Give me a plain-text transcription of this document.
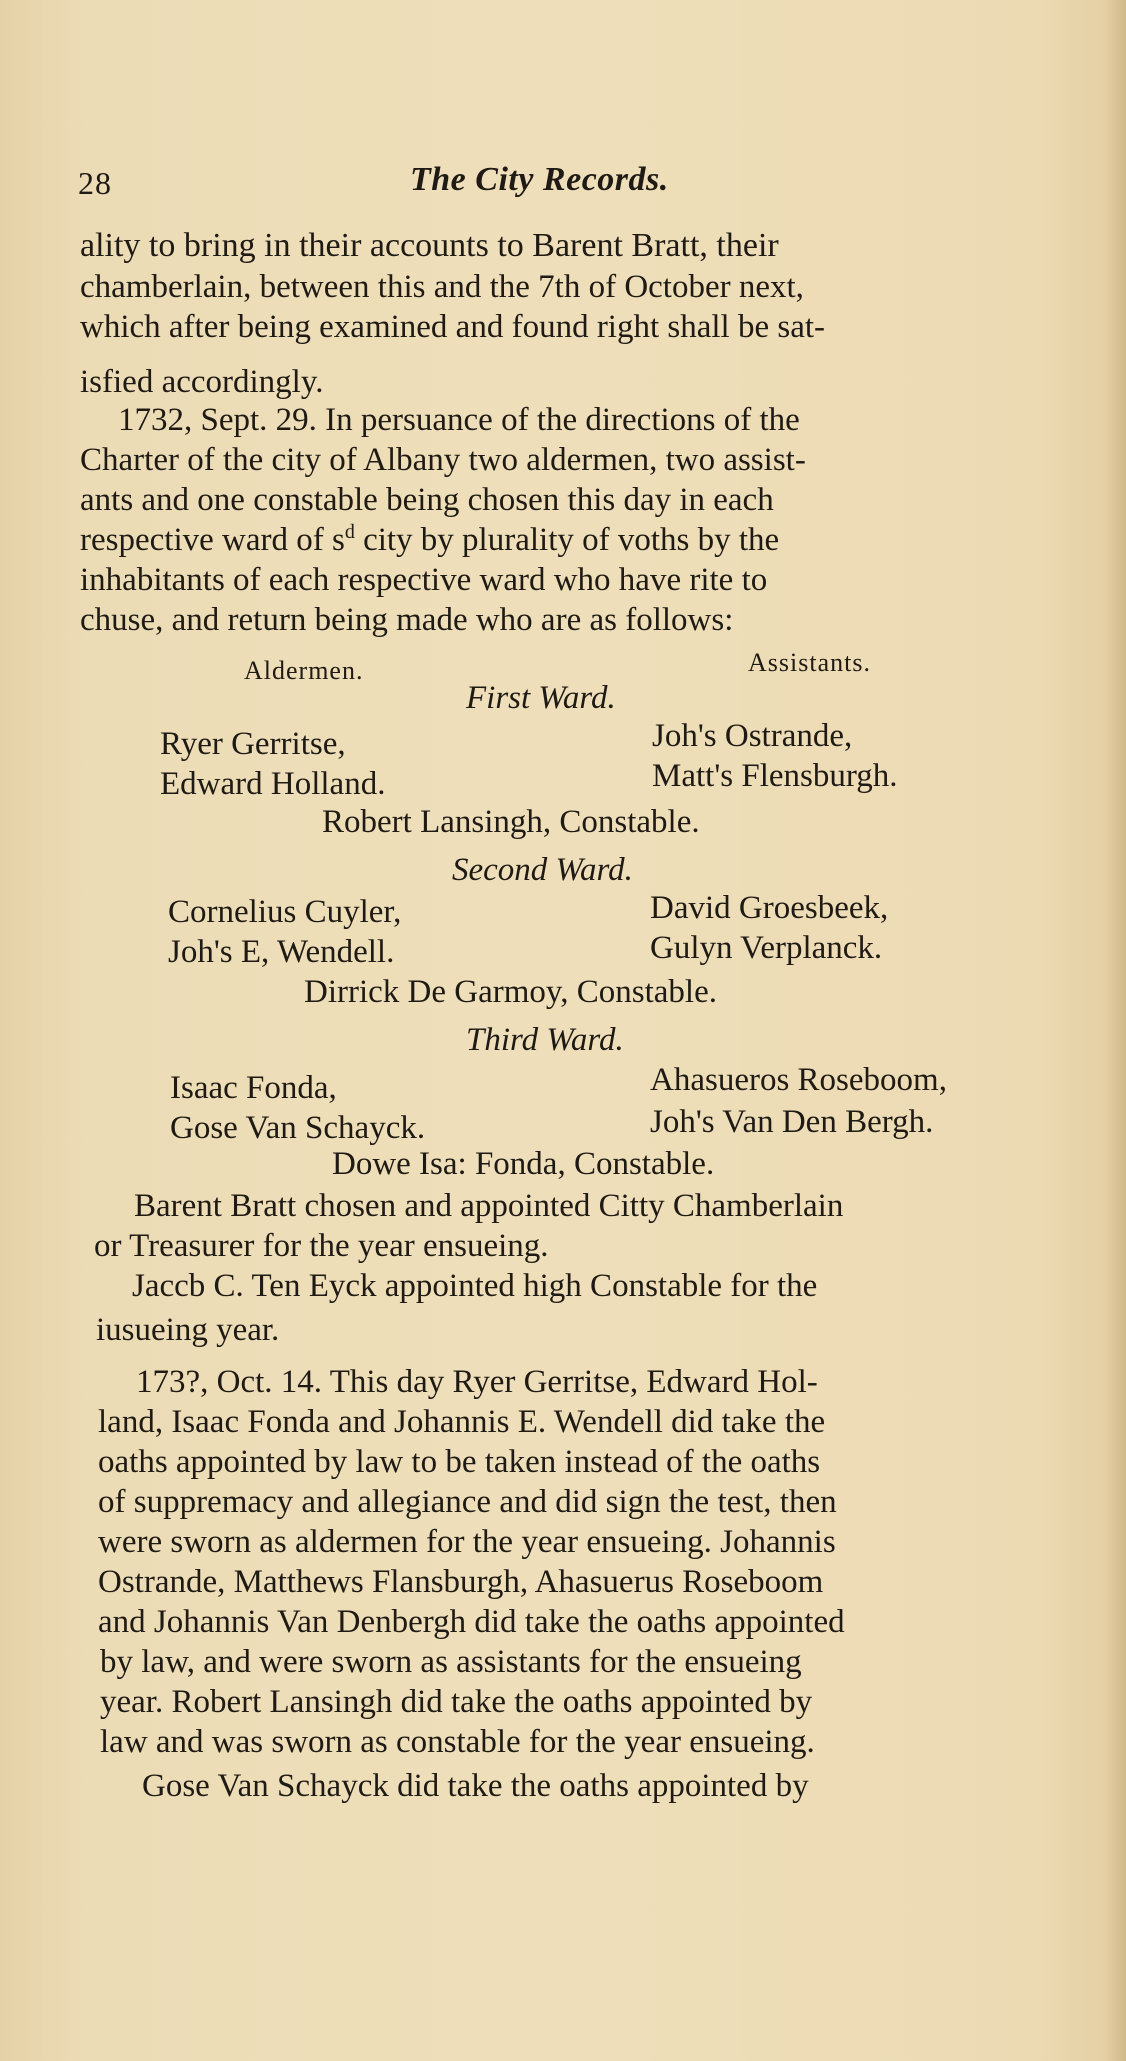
28	The City Records.
ality to bring in their accounts to Barent Bratt, their
chamberlain, between this and the 7th of October next,
which after being examined and found right shall be sat-
isfied accordingly.
1732, Sept. 29. In persuance of the directions of the
Charter of the city of Albany two aldermen, two assist-
ants and one constable being chosen this day in each
respective ward of $s^d$ city by plurality of voths by the
inhabitants of each respective ward who have rite to
chuse, and return being made who are as follows:
Aldermen.	Assistants.
First Ward.
Ryer Gerritse,	Joh's Ostrande,
Edward Holland.	Matt's Flensburgh.
Robert Lansingh, Constable.
Second Ward.
Cornelius Cuyler,	David Groesbeek,
Joh's E, Wendell.	Gulyn Verplanck.
Dirrick De Garmoy, Constable.
Third Ward.
Isaac Fonda,	Ahasueros Roseboom,
Gose Van Schayck.	Joh's Van Den Bergh.
Dowe Isa: Fonda, Constable.
Barent Bratt chosen and appointed Citty Chamberlain
or Treasurer for the year ensueing.
Jaccb C. Ten Eyck appointed high Constable for the
iusueing year.
173?, Oct. 14. This day Ryer Gerritse, Edward Hol-
land, Isaac Fonda and Johannis E. Wendell did take the
oaths appointed by law to be taken instead of the oaths
of suppremacy and allegiance and did sign the test, then
were sworn as aldermen for the year ensueing. Johannis
Ostrande, Matthews Flansburgh, Ahasuerus Roseboom
and Johannis Van Denbergh did take the oaths appointed
by law, and were sworn as assistants for the ensueing
year. Robert Lansingh did take the oaths appointed by
law and was sworn as constable for the year ensueing.
Gose Van Schayck did take the oaths appointed by
